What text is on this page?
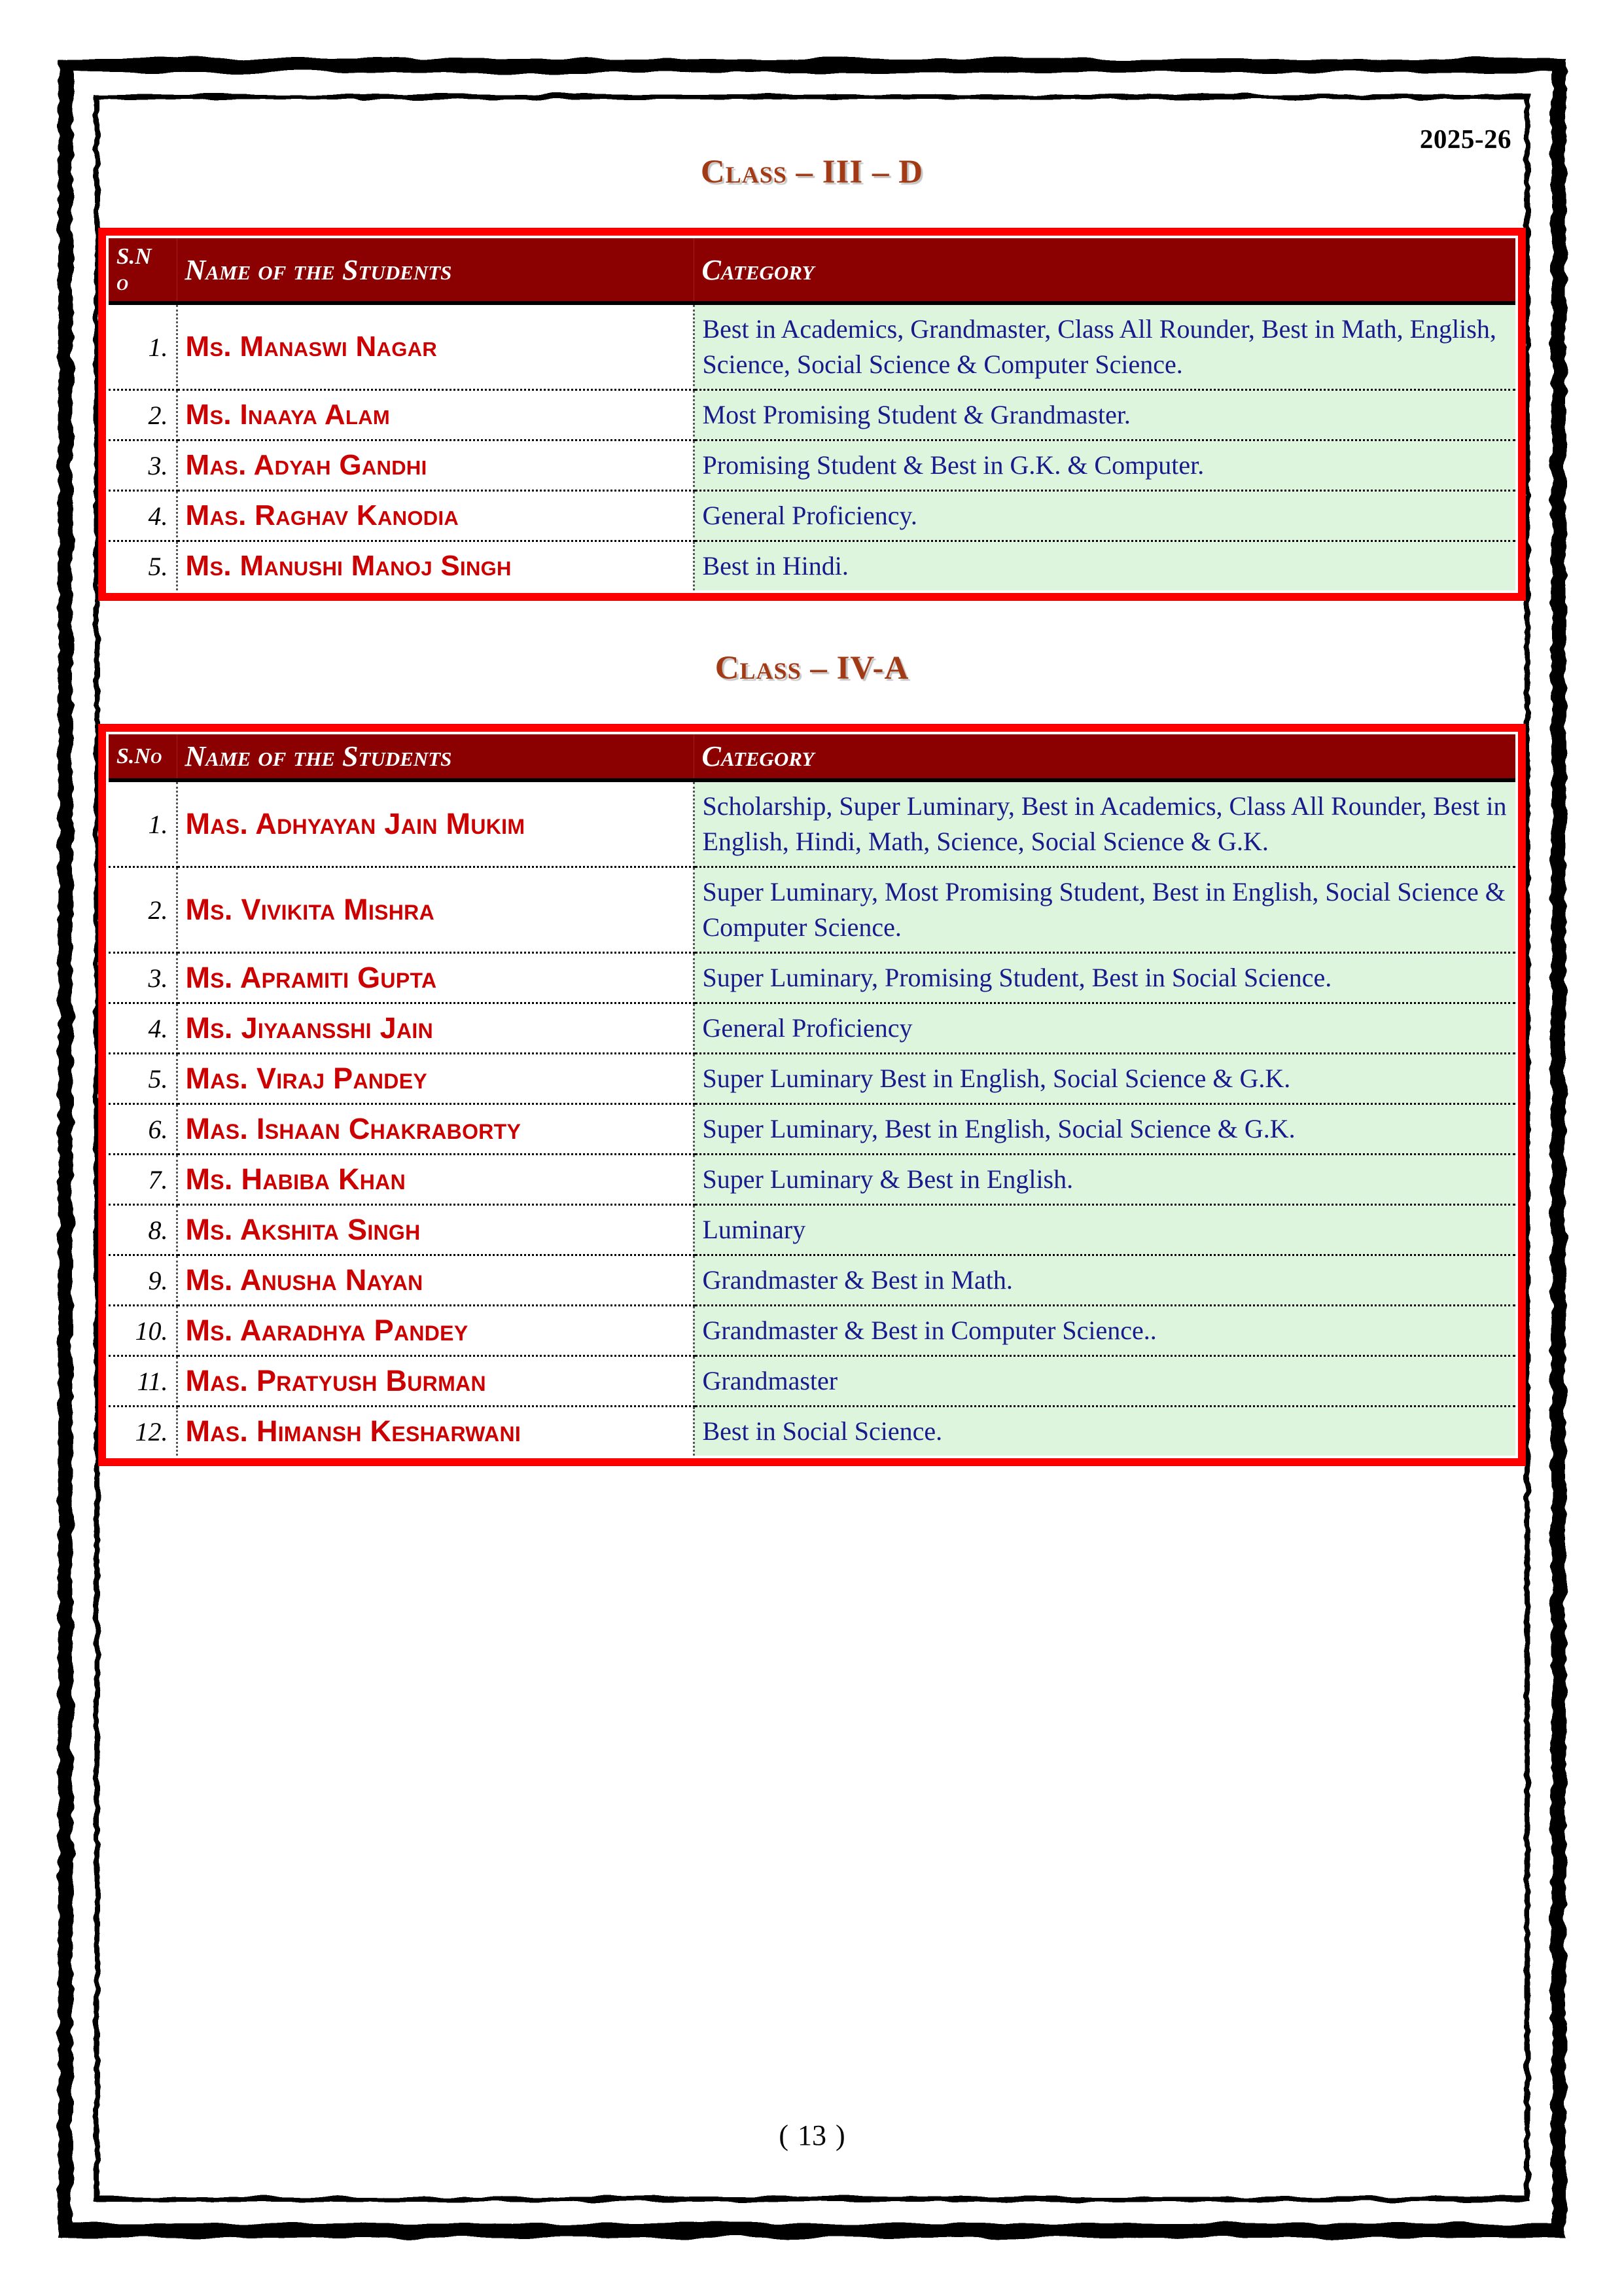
2025-26
Class – III – D
S.N
o	Name of the Students	Category
1.	Ms. Manaswi Nagar	Best in Academics, Grandmaster, Class All Rounder, Best in Math, English, Science, Social Science & Computer Science.
2.	Ms. Inaaya Alam	Most Promising Student & Grandmaster.
3.	Mas. Adyah Gandhi	Promising Student & Best in G.K. & Computer.
4.	Mas. Raghav Kanodia	General Proficiency.
5.	Ms. Manushi Manoj Singh	Best in Hindi.
Class – IV-A
S.No	Name of the Students	Category
1.	Mas. Adhyayan Jain Mukim	Scholarship, Super Luminary, Best in Academics, Class All Rounder, Best in English, Hindi, Math, Science, Social Science & G.K.
2.	Ms. Vivikita Mishra	Super Luminary, Most Promising Student, Best in English, Social Science & Computer Science.
3.	Ms. Apramiti Gupta	Super Luminary, Promising Student, Best in Social Science.
4.	Ms. Jiyaansshi Jain	General Proficiency
5.	Mas. Viraj Pandey	Super Luminary Best in English, Social Science & G.K.
6.	Mas. Ishaan Chakraborty	Super Luminary, Best in English, Social Science & G.K.
7.	Ms. Habiba Khan	Super Luminary & Best in English.
8.	Ms. Akshita Singh	Luminary
9.	Ms. Anusha Nayan	Grandmaster & Best in Math.
10.	Ms. Aaradhya Pandey	Grandmaster & Best in Computer Science..
11.	Mas. Pratyush Burman	Grandmaster
12.	Mas. Himansh Kesharwani	Best in Social Science.
( 13 )
